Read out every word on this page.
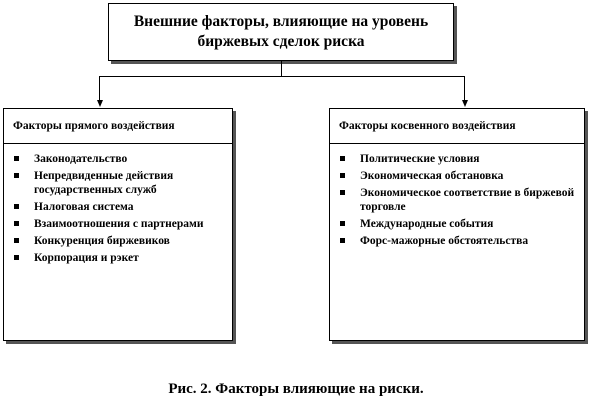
Внешние факторы, влияющие на уровень
биржевых сделок риска
Факторы прямого воздействия
Законодательство
Непредвиденные действия государственных служб
Налоговая система
Взаимоотношения с партнерами
Конкуренция биржевиков
Корпорация и рэкет
Факторы косвенного воздействия
Политические условия
Экономическая обстановка
Экономическое соответствие в биржевой торговле
Международные события
Форс-мажорные обстоятельства
Рис. 2. Факторы влияющие на риски.
